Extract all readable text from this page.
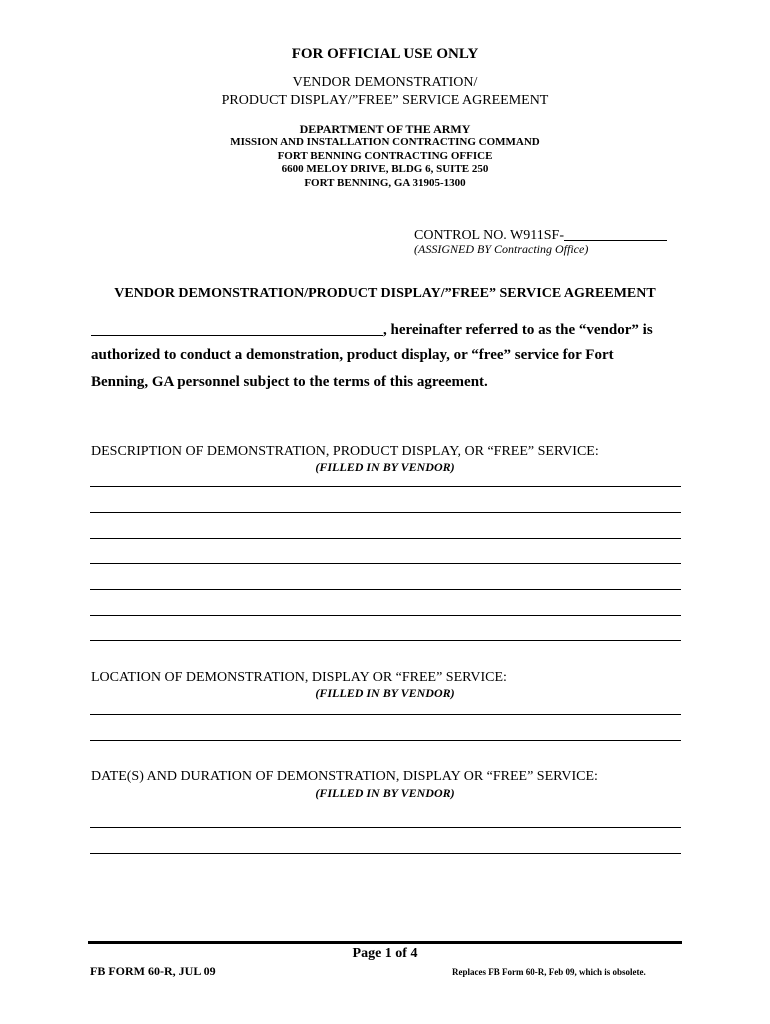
FOR OFFICIAL USE ONLY
VENDOR DEMONSTRATION/
PRODUCT DISPLAY/”FREE” SERVICE AGREEMENT
DEPARTMENT OF THE ARMY
MISSION AND INSTALLATION CONTRACTING COMMAND
FORT BENNING CONTRACTING OFFICE
6600 MELOY DRIVE, BLDG 6, SUITE 250
FORT BENNING, GA 31905-1300
CONTROL NO. W911SF-
(ASSIGNED BY Contracting Office)
VENDOR DEMONSTRATION/PRODUCT DISPLAY/”FREE” SERVICE AGREEMENT
, hereinafter referred to as the “vendor” is
authorized to conduct a demonstration, product display, or “free” service for Fort
Benning, GA personnel subject to the terms of this agreement.
DESCRIPTION OF DEMONSTRATION, PRODUCT DISPLAY, OR “FREE” SERVICE:
(FILLED IN BY VENDOR)
LOCATION OF DEMONSTRATION, DISPLAY OR “FREE” SERVICE:
(FILLED IN BY VENDOR)
DATE(S) AND DURATION OF DEMONSTRATION, DISPLAY OR “FREE” SERVICE:
(FILLED IN BY VENDOR)
Page 1 of 4
FB FORM 60-R, JUL 09	Replaces FB Form 60-R, Feb 09, which is obsolete.
